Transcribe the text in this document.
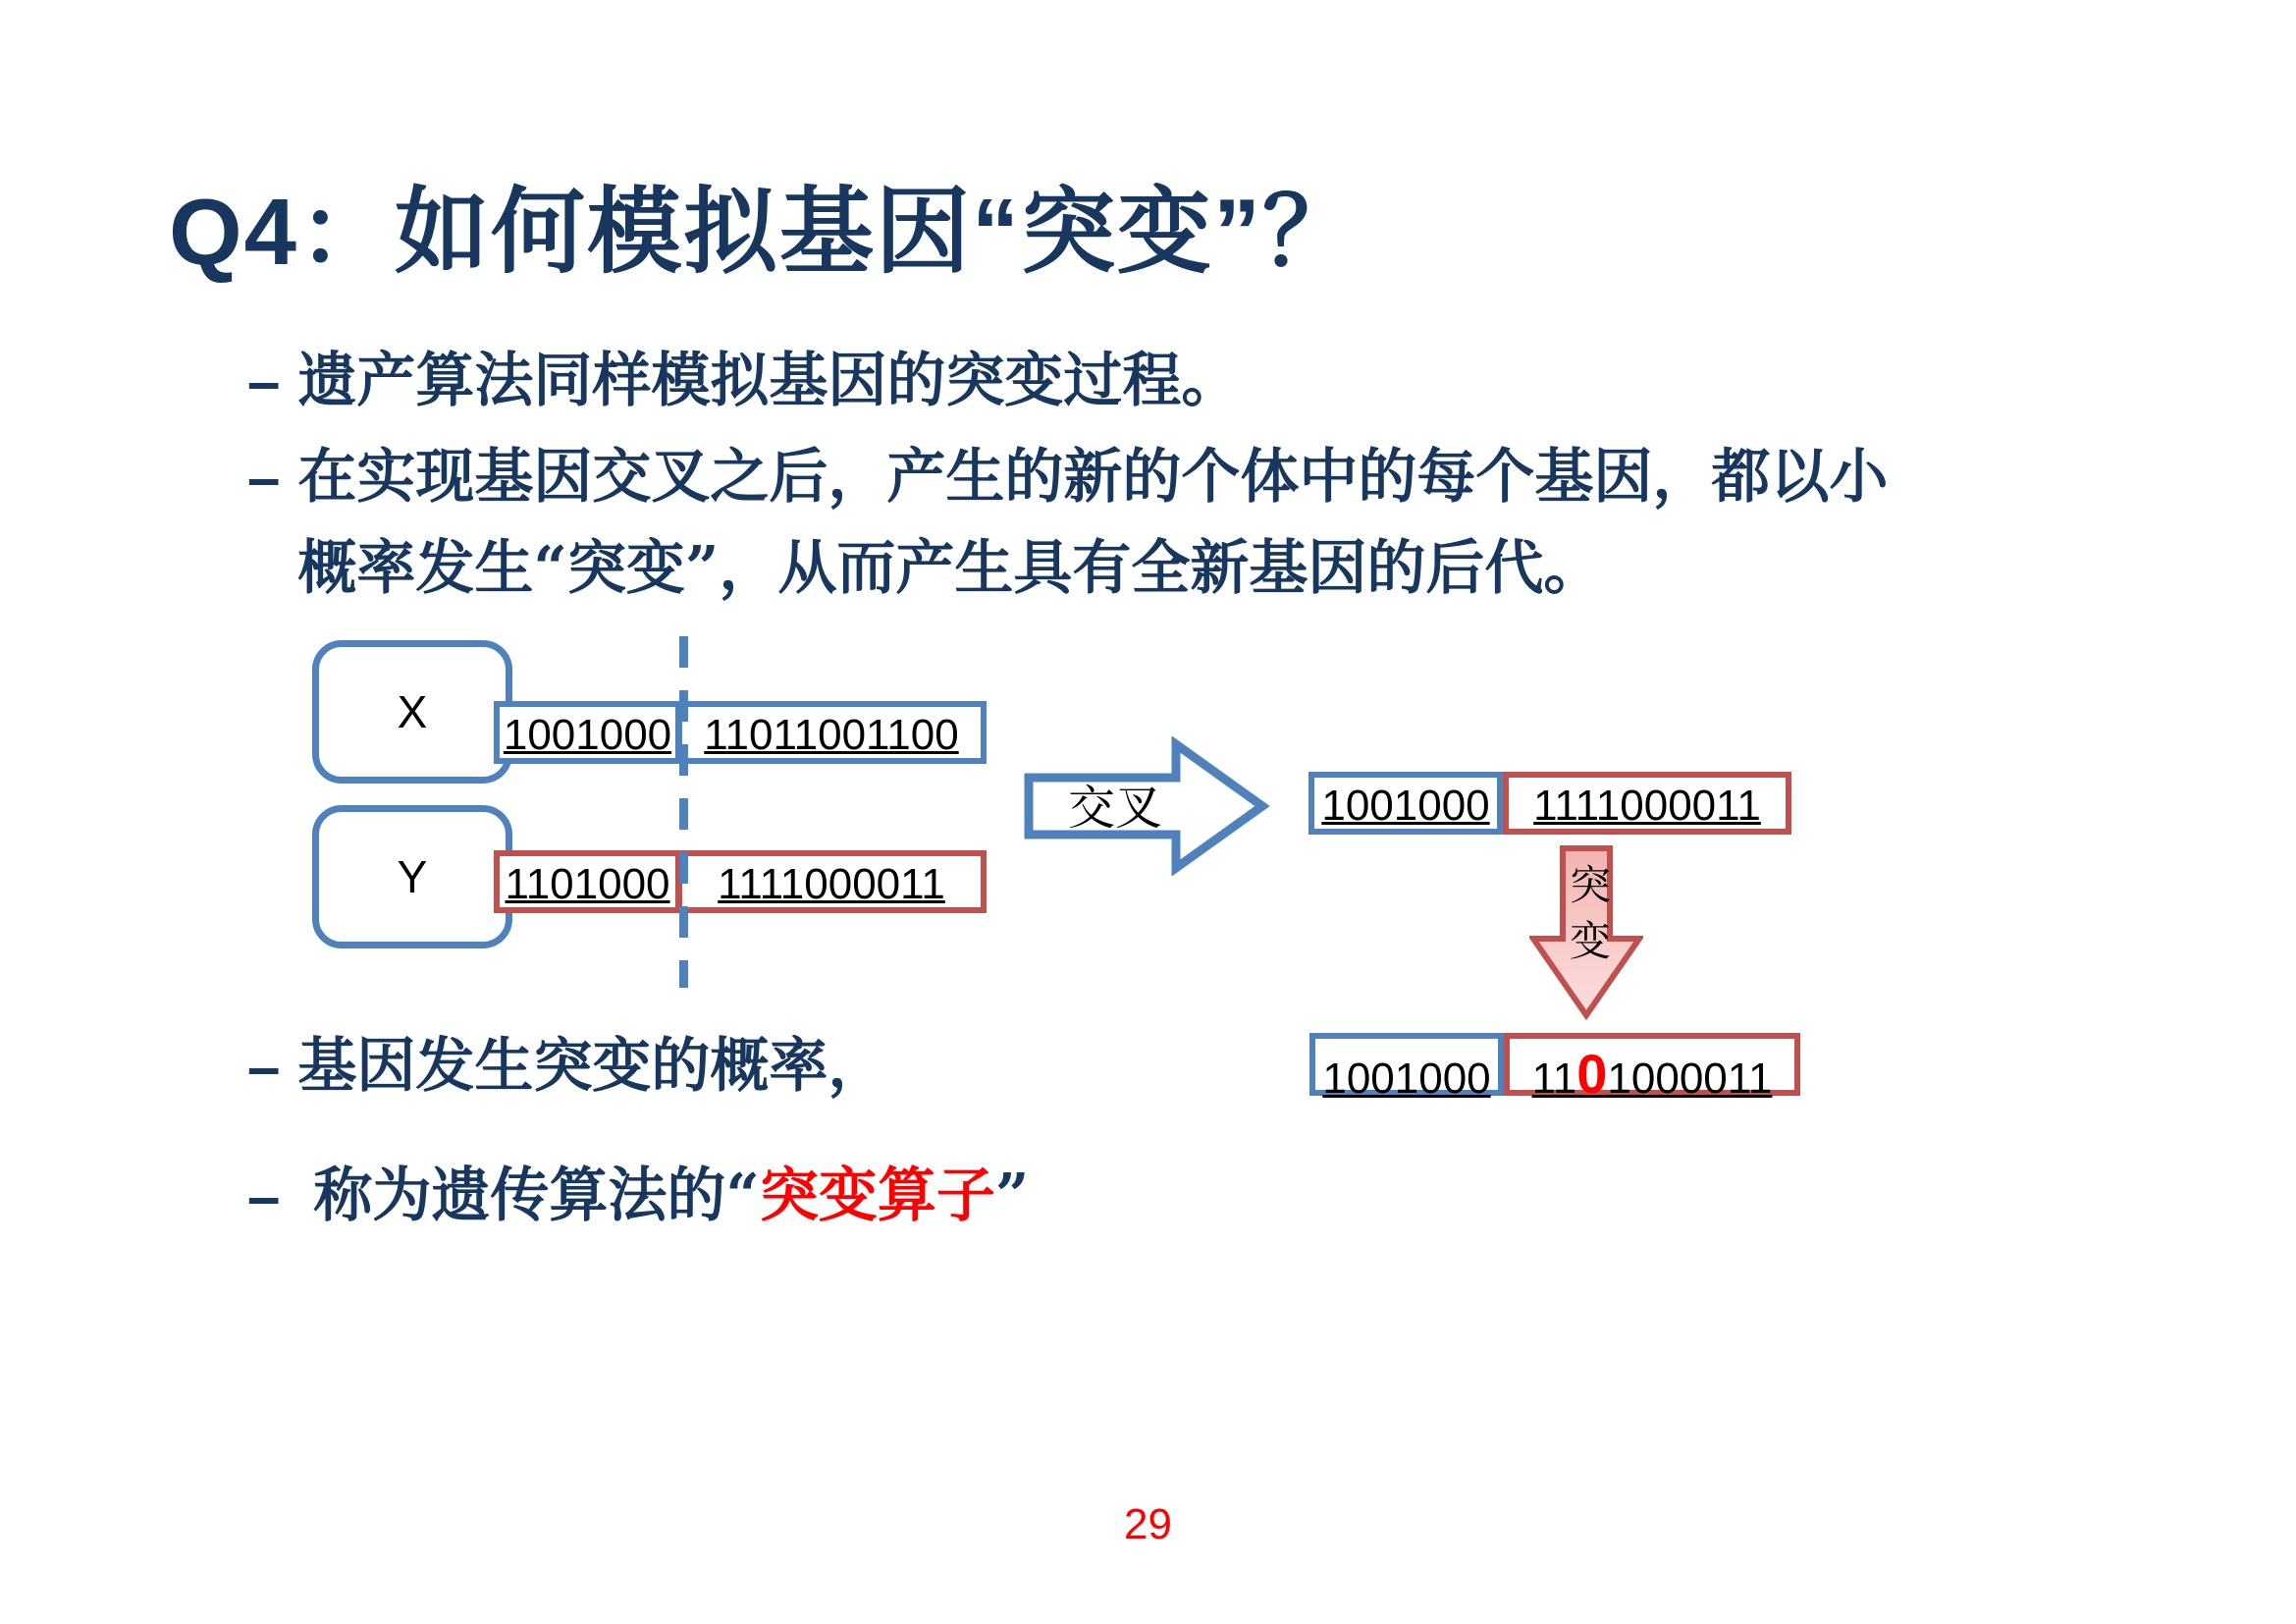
Q4：如何模拟基因“突变”？
– 遗产算法同样模拟基因的突变过程。
– 在实现基因交叉之后，产生的新的个体中的每个基因，都以小
概率发生“突变”，从而产生具有全新基因的后代。
X 1001000 11011001100
Y 1101000 1111000011
交叉	1001000 1111000011
突
变
1001000 1101000011
– 基因发生突变的概率，
– 称为遗传算法的“突变算子”
29
